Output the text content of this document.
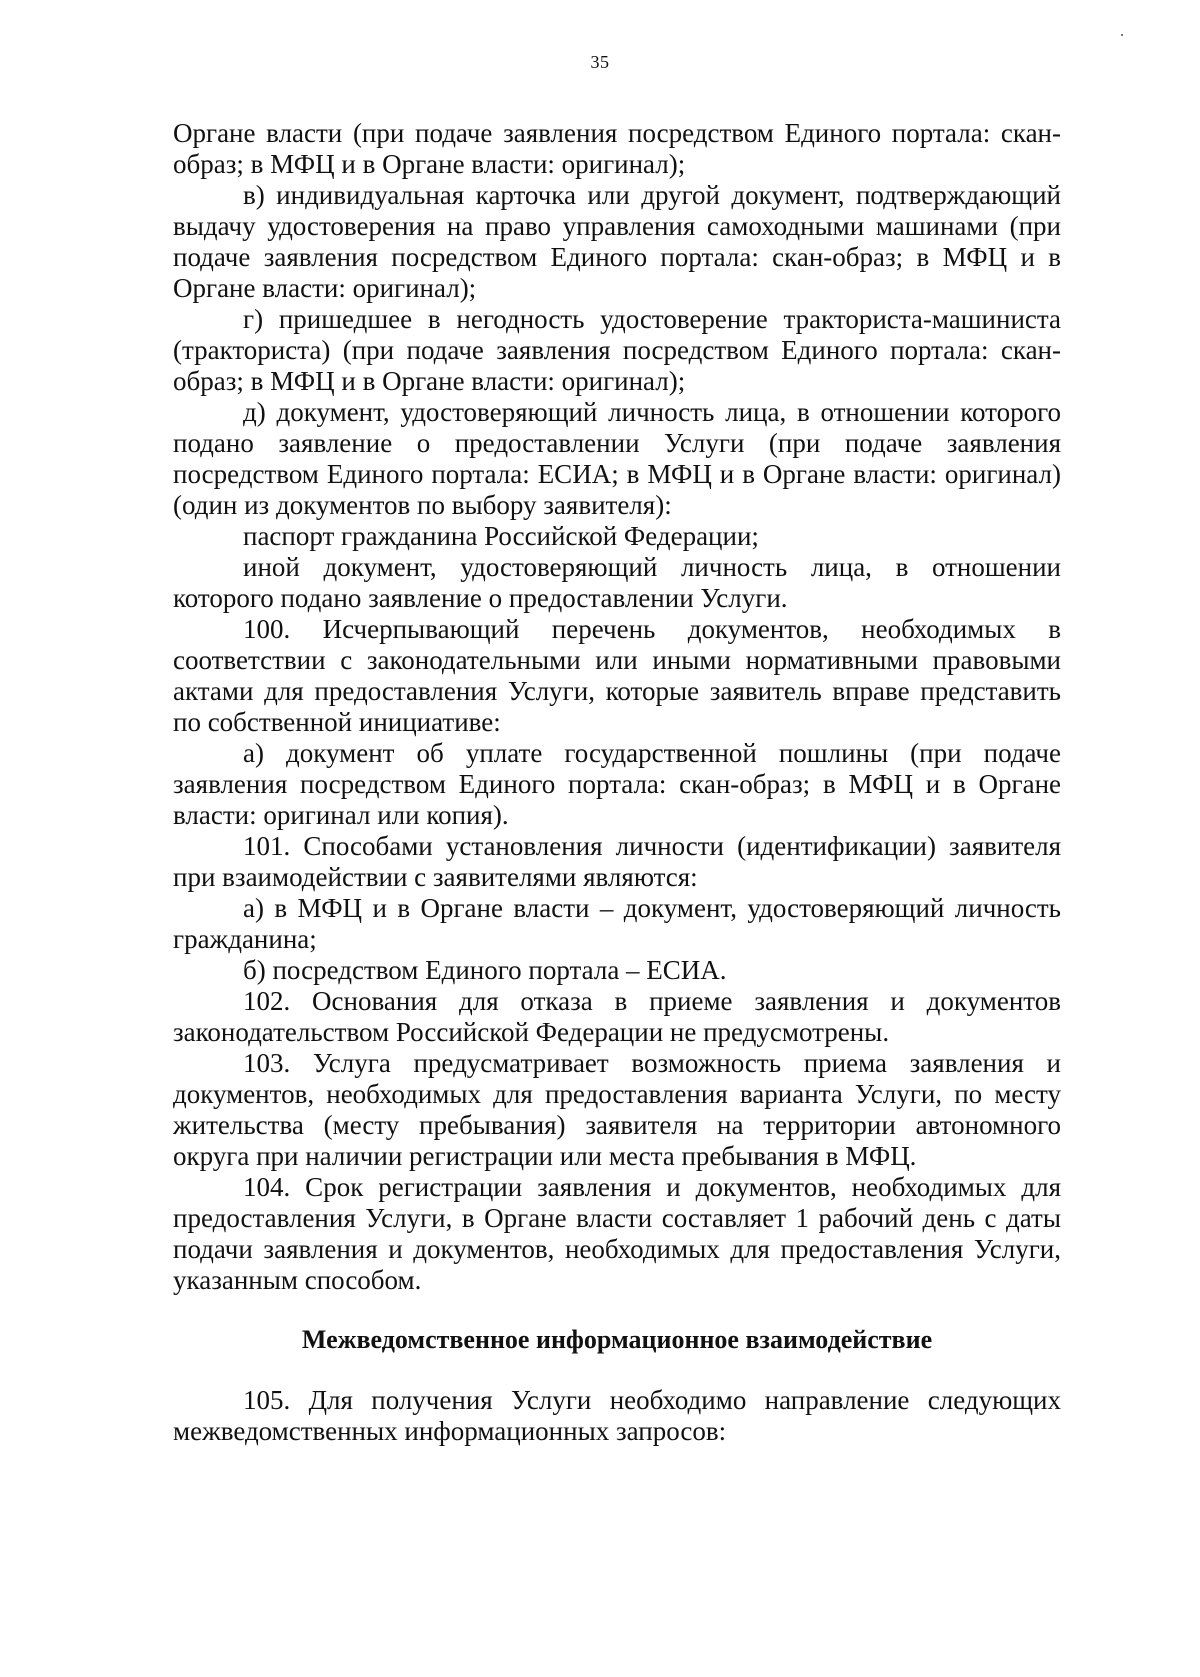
35

Органе власти (при подаче заявления посредством Единого портала: скан-образ; в МФЦ и в Органе власти: оригинал);

в) индивидуальная карточка или другой документ, подтверждающий выдачу удостоверения на право управления самоходными машинами (при подаче заявления посредством Единого портала: скан-образ; в МФЦ и в Органе власти: оригинал);

г) пришедшее в негодность удостоверение тракториста-машиниста (тракториста) (при подаче заявления посредством Единого портала: скан-образ; в МФЦ и в Органе власти: оригинал);

д) документ, удостоверяющий личность лица, в отношении которого подано заявление о предоставлении Услуги (при подаче заявления посредством Единого портала: ЕСИА; в МФЦ и в Органе власти: оригинал) (один из документов по выбору заявителя):

паспорт гражданина Российской Федерации;

иной документ, удостоверяющий личность лица, в отношении которого подано заявление о предоставлении Услуги.

100. Исчерпывающий перечень документов, необходимых в соответствии с законодательными или иными нормативными правовыми актами для предоставления Услуги, которые заявитель вправе представить по собственной инициативе:

а) документ об уплате государственной пошлины (при подаче заявления посредством Единого портала: скан-образ; в МФЦ и в Органе власти: оригинал или копия).

101. Способами установления личности (идентификации) заявителя при взаимодействии с заявителями являются:

а) в МФЦ и в Органе власти – документ, удостоверяющий личность гражданина;

б) посредством Единого портала – ЕСИА.

102. Основания для отказа в приеме заявления и документов законодательством Российской Федерации не предусмотрены.

103. Услуга предусматривает возможность приема заявления и документов, необходимых для предоставления варианта Услуги, по месту жительства (месту пребывания) заявителя на территории автономного округа при наличии регистрации или места пребывания в МФЦ.

104. Срок регистрации заявления и документов, необходимых для предоставления Услуги, в Органе власти составляет 1 рабочий день с даты подачи заявления и документов, необходимых для предоставления Услуги, указанным способом.

Межведомственное информационное взаимодействие

105. Для получения Услуги необходимо направление следующих межведомственных информационных запросов:
